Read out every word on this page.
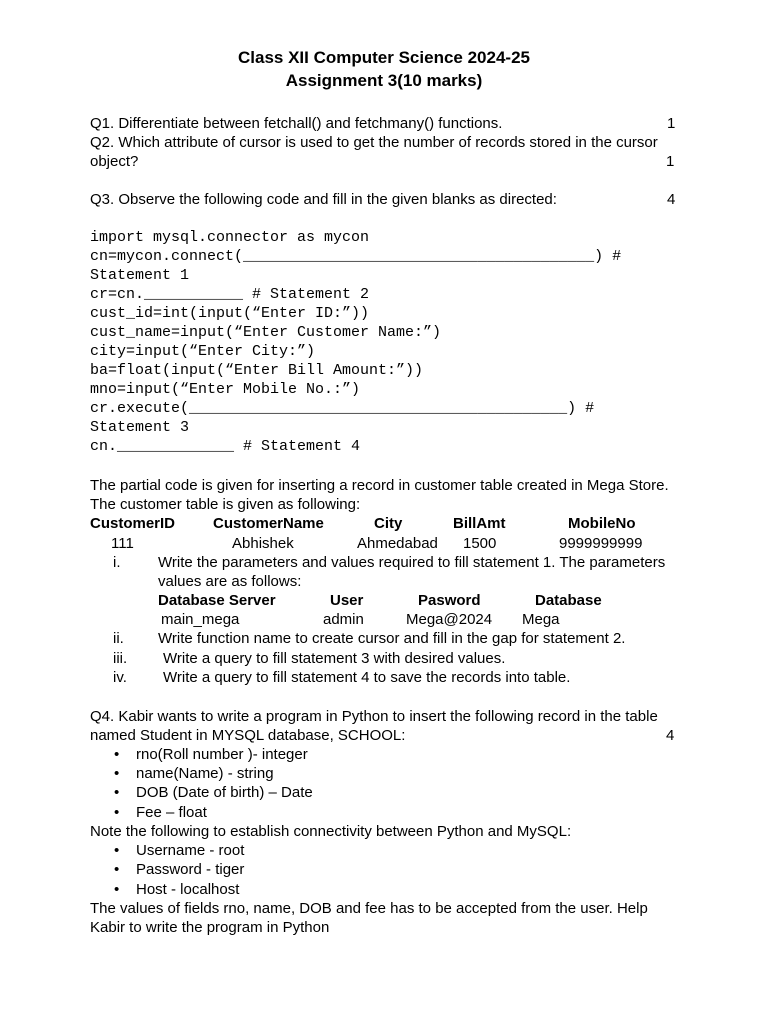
Class XII Computer Science 2024-25
Assignment 3(10 marks)
Q1. Differentiate between fetchall() and fetchmany() functions.	1
Q2. Which attribute of cursor is used to get the number of records stored in the cursor
object?	1
Q3. Observe the following code and fill in the given blanks as directed:	4
import mysql.connector as mycon
cn=mycon.connect(_______________________________________) #
Statement 1
cr=cn.___________ # Statement 2
cust_id=int(input(“Enter ID:”))
cust_name=input(“Enter Customer Name:”)
city=input(“Enter City:”)
ba=float(input(“Enter Bill Amount:”))
mno=input(“Enter Mobile No.:”)
cr.execute(__________________________________________) #
Statement 3
cn._____________ # Statement 4
The partial code is given for inserting a record in customer table created in Mega Store.
The customer table is given as following:
CustomerID	CustomerName	City	BillAmt	MobileNo
111	Abhishek	Ahmedabad 1500	9999999999
i.	Write the parameters and values required to fill statement 1. The parameters
values are as follows:
Database Server	User	Pasword	Database
main_mega	admin	Mega@2024 Mega
ii. Write function name to create cursor and fill in the gap for statement 2.
iii. Write a query to fill statement 3 with desired values.
iv. Write a query to fill statement 4 to save the records into table.
Q4. Kabir wants to write a program in Python to insert the following record in the table
named Student in MYSQL database, SCHOOL:	4
• rno(Roll number )- integer
• name(Name) - string
• DOB (Date of birth) – Date
• Fee – float
Note the following to establish connectivity between Python and MySQL:
• Username - root
• Password - tiger
• Host - localhost
The values of fields rno, name, DOB and fee has to be accepted from the user. Help
Kabir to write the program in Python
